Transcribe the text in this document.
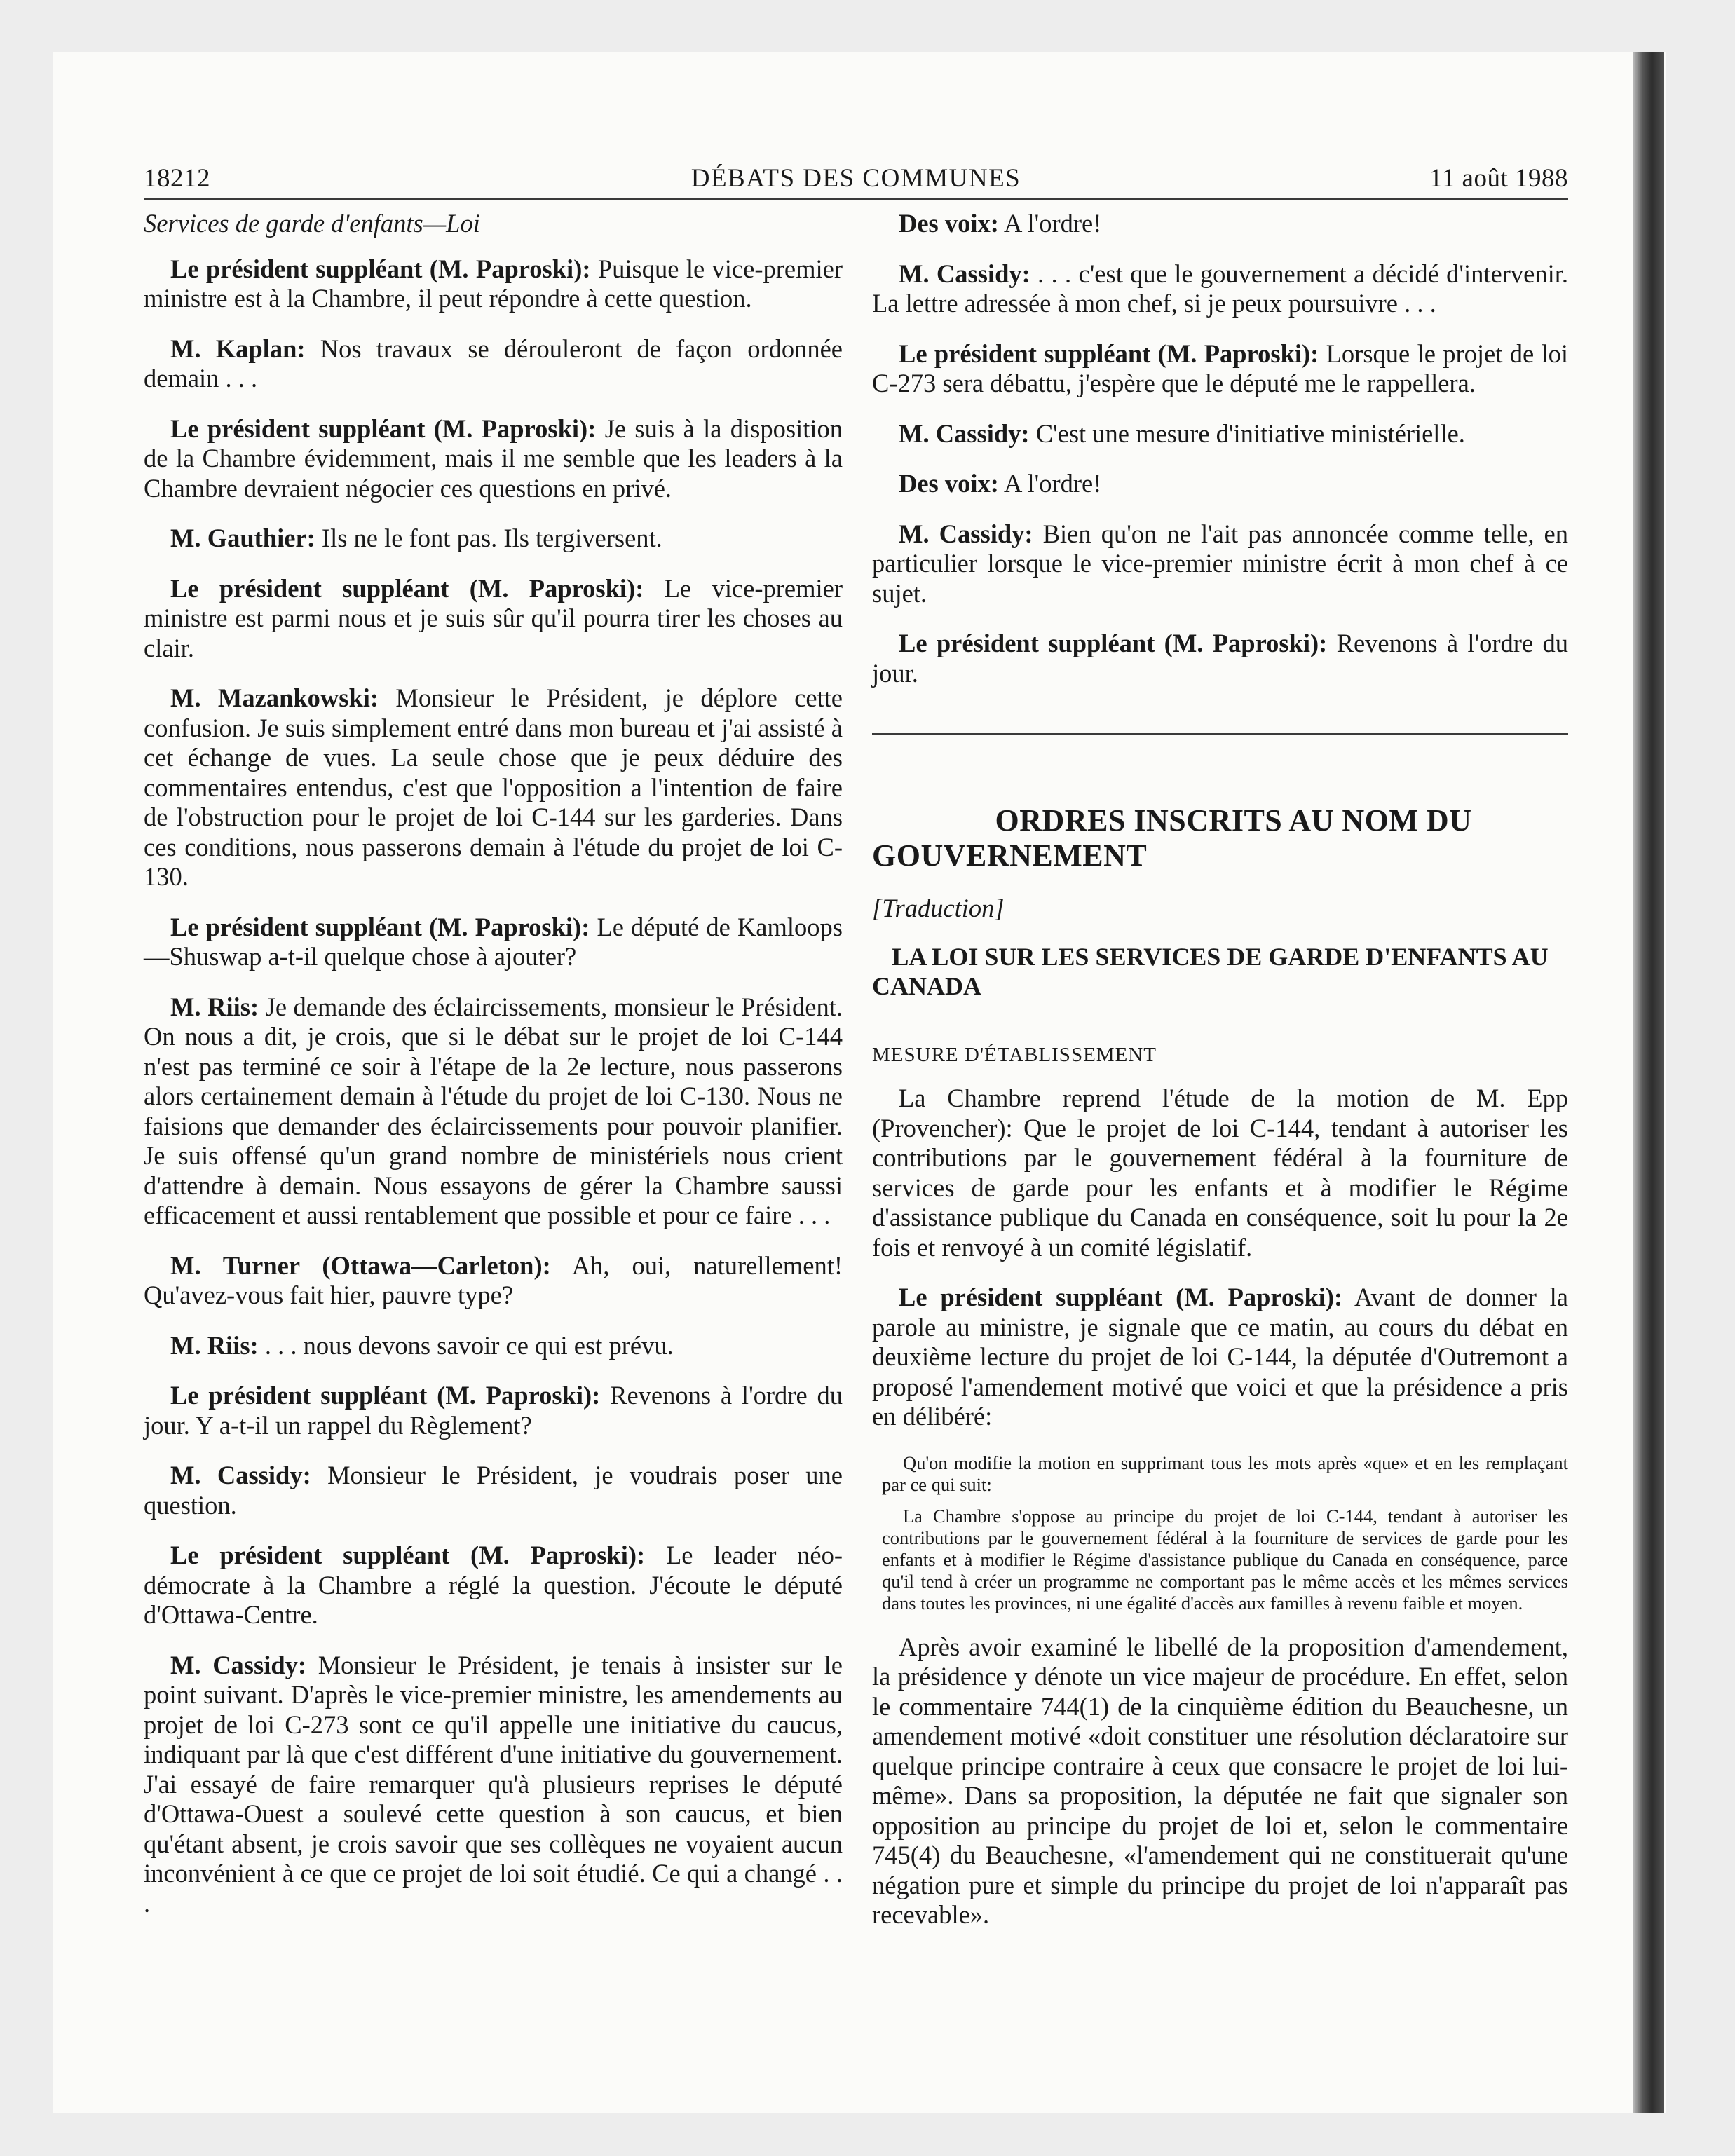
18212	DÉBATS DES COMMUNES	11 août 1988

Services de garde d'enfants—Loi

Le président suppléant (M. Paproski): Puisque le vice-premier ministre est à la Chambre, il peut répondre à cette question.

M. Kaplan: Nos travaux se dérouleront de façon ordonnée demain . . .

Le président suppléant (M. Paproski): Je suis à la disposition de la Chambre évidemment, mais il me semble que les leaders à la Chambre devraient négocier ces questions en privé.

M. Gauthier: Ils ne le font pas. Ils tergiversent.

Le président suppléant (M. Paproski): Le vice-premier ministre est parmi nous et je suis sûr qu'il pourra tirer les choses au clair.

M. Mazankowski: Monsieur le Président, je déplore cette confusion. Je suis simplement entré dans mon bureau et j'ai assisté à cet échange de vues. La seule chose que je peux déduire des commentaires entendus, c'est que l'opposition a l'intention de faire de l'obstruction pour le projet de loi C-144 sur les garderies. Dans ces conditions, nous passerons demain à l'étude du projet de loi C-130.

Le président suppléant (M. Paproski): Le député de Kamloops—Shuswap a-t-il quelque chose à ajouter?

M. Riis: Je demande des éclaircissements, monsieur le Président. On nous a dit, je crois, que si le débat sur le projet de loi C-144 n'est pas terminé ce soir à l'étape de la 2e lecture, nous passerons alors certainement demain à l'étude du projet de loi C-130. Nous ne faisions que demander des éclaircissements pour pouvoir planifier. Je suis offensé qu'un grand nombre de ministériels nous crient d'attendre à demain. Nous essayons de gérer la Chambre saussi efficacement et aussi rentablement que possible et pour ce faire . . .

M. Turner (Ottawa—Carleton): Ah, oui, naturellement! Qu'avez-vous fait hier, pauvre type?

M. Riis: . . . nous devons savoir ce qui est prévu.

Le président suppléant (M. Paproski): Revenons à l'ordre du jour. Y a-t-il un rappel du Règlement?

M. Cassidy: Monsieur le Président, je voudrais poser une question.

Le président suppléant (M. Paproski): Le leader néo-démocrate à la Chambre a réglé la question. J'écoute le député d'Ottawa-Centre.

M. Cassidy: Monsieur le Président, je tenais à insister sur le point suivant. D'après le vice-premier ministre, les amendements au projet de loi C-273 sont ce qu'il appelle une initiative du caucus, indiquant par là que c'est différent d'une initiative du gouvernement. J'ai essayé de faire remarquer qu'à plusieurs reprises le député d'Ottawa-Ouest a soulevé cette question à son caucus, et bien qu'étant absent, je crois savoir que ses collèques ne voyaient aucun inconvénient à ce que ce projet de loi soit étudié. Ce qui a changé . . .

Des voix: A l'ordre!

M. Cassidy: . . . c'est que le gouvernement a décidé d'intervenir. La lettre adressée à mon chef, si je peux poursuivre . . .

Le président suppléant (M. Paproski): Lorsque le projet de loi C-273 sera débattu, j'espère que le député me le rappellera.

M. Cassidy: C'est une mesure d'initiative ministérielle.

Des voix: A l'ordre!

M. Cassidy: Bien qu'on ne l'ait pas annoncée comme telle, en particulier lorsque le vice-premier ministre écrit à mon chef à ce sujet.

Le président suppléant (M. Paproski): Revenons à l'ordre du jour.

ORDRES INSCRITS AU NOM DU GOUVERNEMENT

[Traduction]

LA LOI SUR LES SERVICES DE GARDE D'ENFANTS AU CANADA

MESURE D'ÉTABLISSEMENT

La Chambre reprend l'étude de la motion de M. Epp (Provencher): Que le projet de loi C-144, tendant à autoriser les contributions par le gouvernement fédéral à la fourniture de services de garde pour les enfants et à modifier le Régime d'assistance publique du Canada en conséquence, soit lu pour la 2e fois et renvoyé à un comité législatif.

Le président suppléant (M. Paproski): Avant de donner la parole au ministre, je signale que ce matin, au cours du débat en deuxième lecture du projet de loi C-144, la députée d'Outremont a proposé l'amendement motivé que voici et que la présidence a pris en délibéré:

Qu'on modifie la motion en supprimant tous les mots après «que» et en les remplaçant par ce qui suit:

La Chambre s'oppose au principe du projet de loi C-144, tendant à autoriser les contributions par le gouvernement fédéral à la fourniture de services de garde pour les enfants et à modifier le Régime d'assistance publique du Canada en conséquence, parce qu'il tend à créer un programme ne comportant pas le même accès et les mêmes services dans toutes les provinces, ni une égalité d'accès aux familles à revenu faible et moyen.

Après avoir examiné le libellé de la proposition d'amendement, la présidence y dénote un vice majeur de procédure. En effet, selon le commentaire 744(1) de la cinquième édition du Beauchesne, un amendement motivé «doit constituer une résolution déclaratoire sur quelque principe contraire à ceux que consacre le projet de loi lui-même». Dans sa proposition, la députée ne fait que signaler son opposition au principe du projet de loi et, selon le commentaire 745(4) du Beauchesne, «l'amendement qui ne constituerait qu'une négation pure et simple du principe du projet de loi n'apparaît pas recevable».
